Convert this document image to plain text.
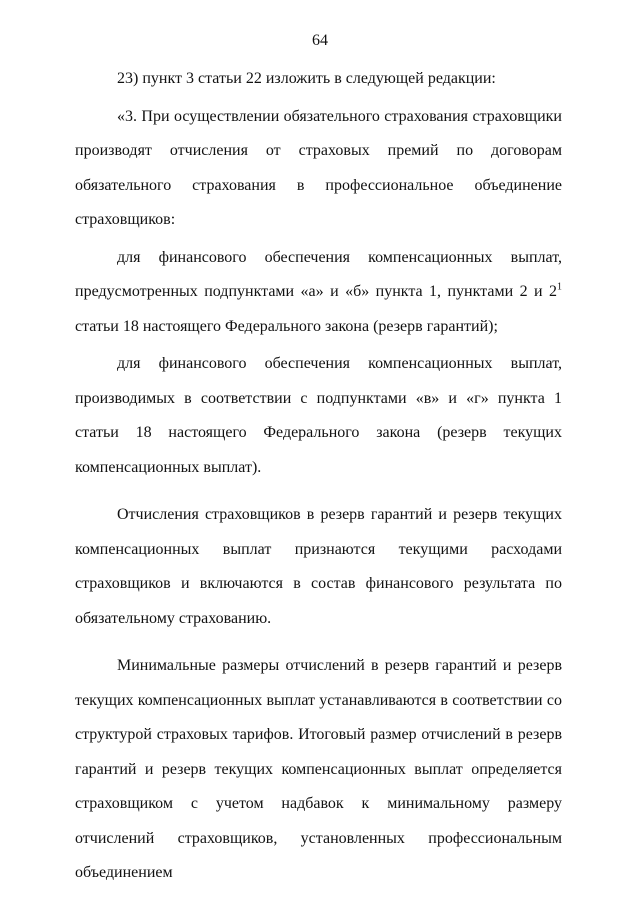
64

23) пункт 3 статьи 22 изложить в следующей редакции:

«3. При осуществлении обязательного страхования страховщики производят отчисления от страховых премий по договорам обязательного страхования в профессиональное объединение страховщиков:

для финансового обеспечения компенсационных выплат, предусмотренных подпунктами «а» и «б» пункта 1, пунктами 2 и $2^1$ статьи 18 настоящего Федерального закона (резерв гарантий);

для финансового обеспечения компенсационных выплат, производимых в соответствии с подпунктами «в» и «г» пункта 1 статьи 18 настоящего Федерального закона (резерв текущих компенсационных выплат).

Отчисления страховщиков в резерв гарантий и резерв текущих компенсационных выплат признаются текущими расходами страховщиков и включаются в состав финансового результата по обязательному страхованию.

Минимальные размеры отчислений в резерв гарантий и резерв текущих компенсационных выплат устанавливаются в соответствии со структурой страховых тарифов. Итоговый размер отчислений в резерв гарантий и резерв текущих компенсационных выплат определяется страховщиком с учетом надбавок к минимальному размеру отчислений страховщиков, установленных профессиональным объединением
